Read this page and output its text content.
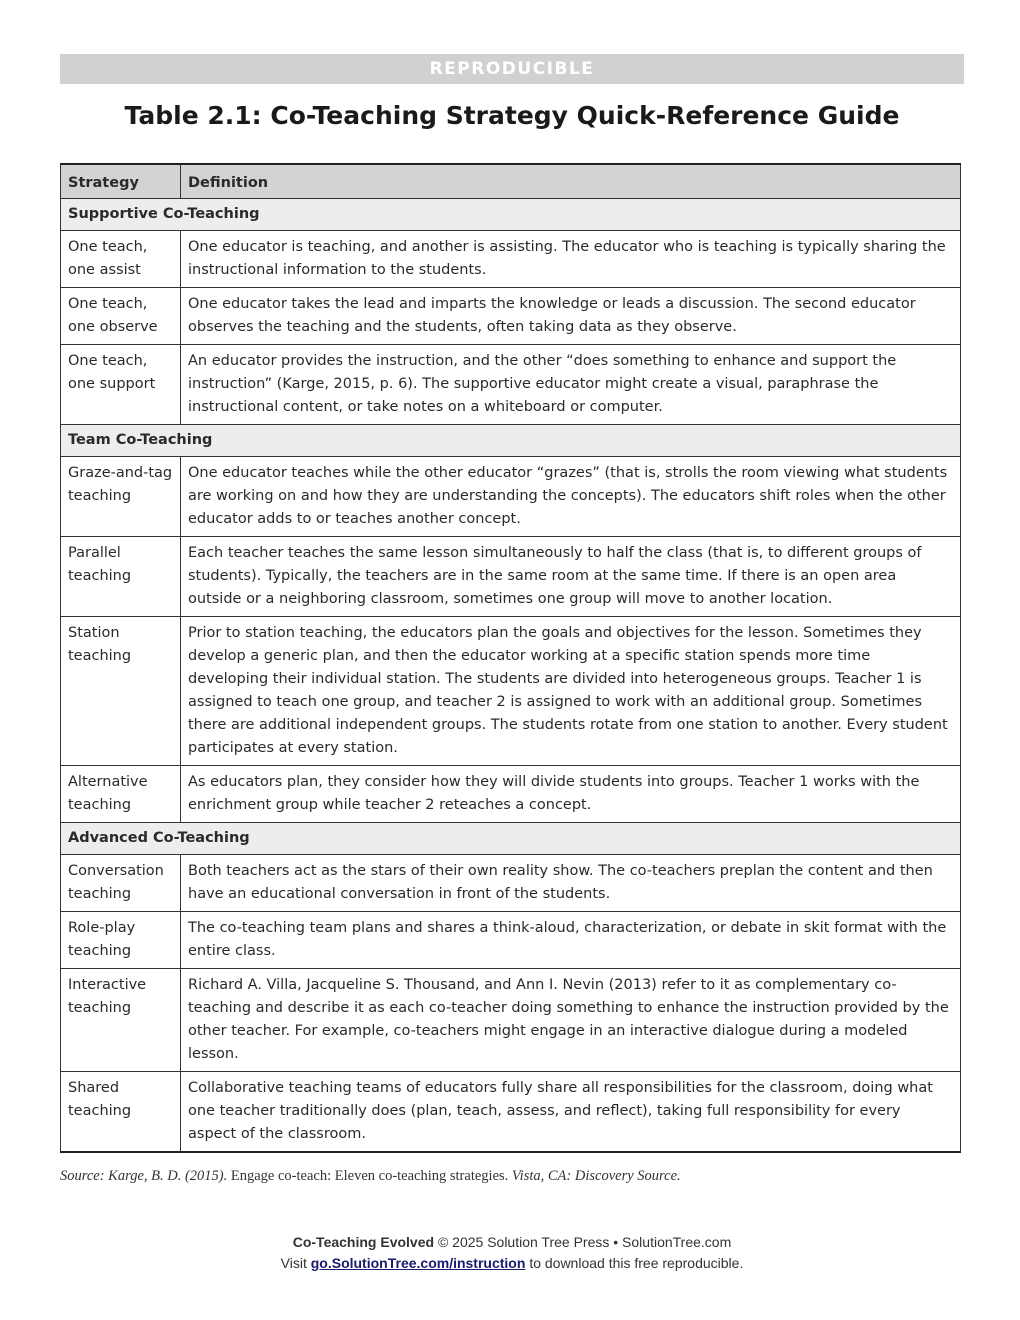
REPRODUCIBLE
Table 2.1: Co-Teaching Strategy Quick-Reference Guide
Strategy	Definition
Supportive Co-Teaching	
One teach, one assist	One educator is teaching, and another is assisting. The educator who is teaching is typically sharing the instructional information to the students.
One teach, one observe	One educator takes the lead and imparts the knowledge or leads a discussion. The second educator observes the teaching and the students, often taking data as they observe.
One teach, one support	An educator provides the instruction, and the other “does something to enhance and support the instruction” (Karge, 2015, p. 6). The supportive educator might create a visual, paraphrase the instructional content, or take notes on a whiteboard or computer.
Team Co-Teaching	
Graze-and-tag teaching	One educator teaches while the other educator “grazes” (that is, strolls the room viewing what students are working on and how they are understanding the concepts). The educators shift roles when the other educator adds to or teaches another concept.
Parallel teaching	Each teacher teaches the same lesson simultaneously to half the class (that is, to different groups of students). Typically, the teachers are in the same room at the same time. If there is an open area outside or a neighboring classroom, sometimes one group will move to another location.
Station teaching	Prior to station teaching, the educators plan the goals and objectives for the lesson. Sometimes they develop a generic plan, and then the educator working at a specific station spends more time developing their individual station. The students are divided into heterogeneous groups. Teacher 1 is assigned to teach one group, and teacher 2 is assigned to work with an additional group. Sometimes there are additional independent groups. The students rotate from one station to another. Every student participates at every station.
Alternative teaching	As educators plan, they consider how they will divide students into groups. Teacher 1 works with the enrichment group while teacher 2 reteaches a concept.
Advanced Co-Teaching	
Conversation teaching	Both teachers act as the stars of their own reality show. The co-teachers preplan the content and then have an educational conversation in front of the students.
Role-play teaching	The co-teaching team plans and shares a think-aloud, characterization, or debate in skit format with the entire class.
Interactive teaching	Richard A. Villa, Jacqueline S. Thousand, and Ann I. Nevin (2013) refer to it as complementary co-teaching and describe it as each co-teacher doing something to enhance the instruction provided by the other teacher. For example, co-teachers might engage in an interactive dialogue during a modeled lesson.
Shared teaching	Collaborative teaching teams of educators fully share all responsibilities for the classroom, doing what one teacher traditionally does (plan, teach, assess, and reflect), taking full responsibility for every aspect of the classroom.
Source: Karge, B. D. (2015). Engage co-teach: Eleven co-teaching strategies. Vista, CA: Discovery Source.
Co-Teaching Evolved © 2025 Solution Tree Press • SolutionTree.com
Visit go.SolutionTree.com/instruction to download this free reproducible.
